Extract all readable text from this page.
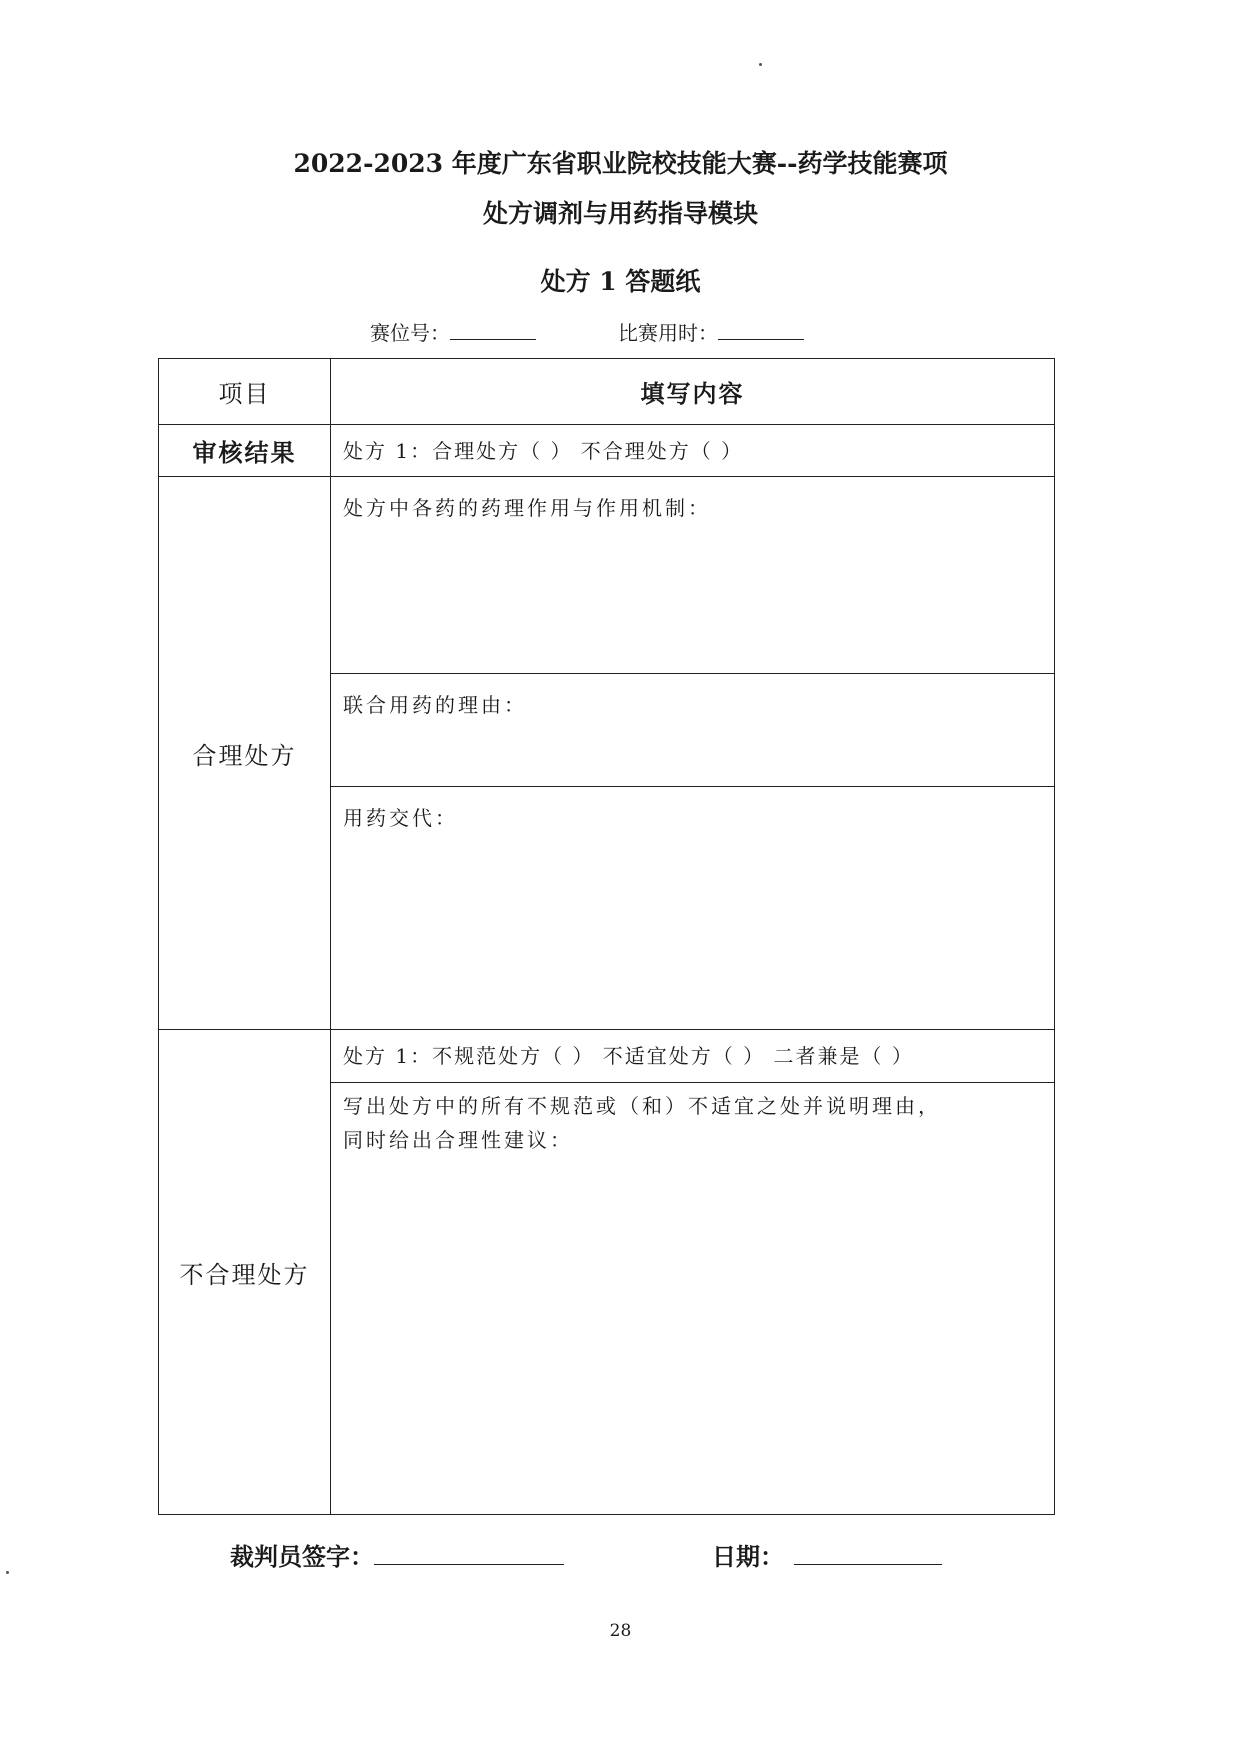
2022-2023 年度广东省职业院校技能大赛--药学技能赛项
处方调剂与用药指导模块
处方 1 答题纸
赛位号：	比赛用时：
项目	填写内容
审核结果	处方 1：合理处方（ ） 不合理处方（ ）

合理处方	处方中各药的药理作用与作用机制：

	联合用药的理由：

	用药交代：

不合理处方	处方 1：不规范处方（ ） 不适宜处方（ ） 二者兼是（ ）

	写出处方中的所有不规范或（和）不适宜之处并说明理由，
同时给出合理性建议：
裁判员签字：	日期：
28
